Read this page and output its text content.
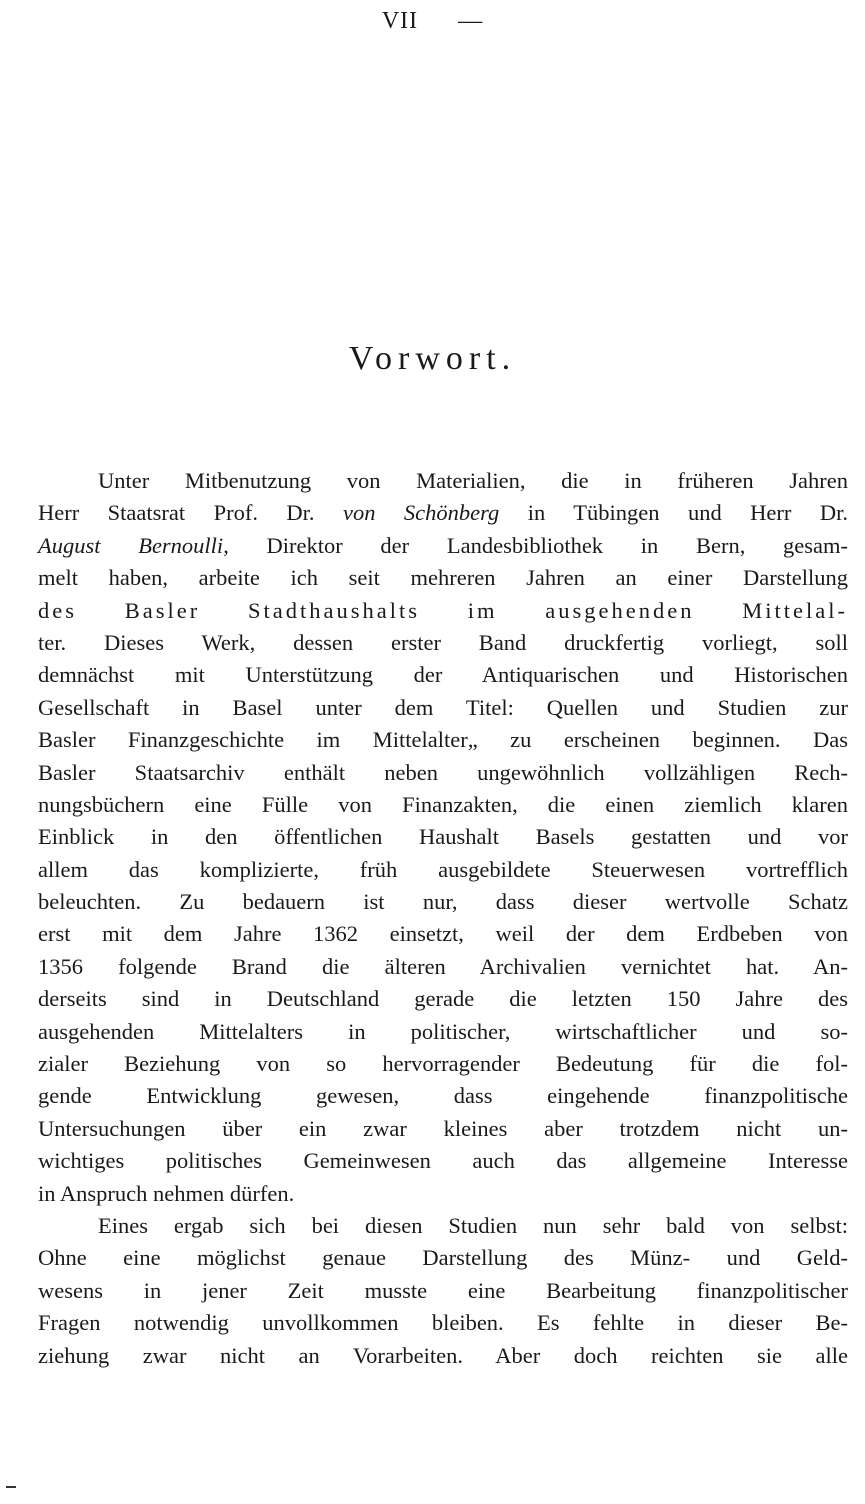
VII —
Vorwort.
Unter Mitbenutzung von Materialien, die in früheren Jahren
Herr Staatsrat Prof. Dr. von Schönberg in Tübingen und Herr Dr.
August Bernoulli, Direktor der Landesbibliothek in Bern, gesam-
melt haben, arbeite ich seit mehreren Jahren an einer Darstellung
des Basler Stadthaushalts im ausgehenden Mittelal-
ter. Dieses Werk, dessen erster Band druckfertig vorliegt, soll
demnächst mit Unterstützung der Antiquarischen und Historischen
Gesellschaft in Basel unter dem Titel: Quellen und Studien zur
Basler Finanzgeschichte im Mittelalter„ zu erscheinen beginnen. Das
Basler Staatsarchiv enthält neben ungewöhnlich vollzähligen Rech-
nungsbüchern eine Fülle von Finanzakten, die einen ziemlich klaren
Einblick in den öffentlichen Haushalt Basels gestatten und vor
allem das komplizierte, früh ausgebildete Steuerwesen vortrefflich
beleuchten. Zu bedauern ist nur, dass dieser wertvolle Schatz
erst mit dem Jahre 1362 einsetzt, weil der dem Erdbeben von
1356 folgende Brand die älteren Archivalien vernichtet hat. An-
derseits sind in Deutschland gerade die letzten 150 Jahre des
ausgehenden Mittelalters in politischer, wirtschaftlicher und so-
zialer Beziehung von so hervorragender Bedeutung für die fol-
gende Entwicklung gewesen, dass eingehende finanzpolitische
Untersuchungen über ein zwar kleines aber trotzdem nicht un-
wichtiges politisches Gemeinwesen auch das allgemeine Interesse
in Anspruch nehmen dürfen.
Eines ergab sich bei diesen Studien nun sehr bald von selbst:
Ohne eine möglichst genaue Darstellung des Münz- und Geld-
wesens in jener Zeit musste eine Bearbeitung finanzpolitischer
Fragen notwendig unvollkommen bleiben. Es fehlte in dieser Be-
ziehung zwar nicht an Vorarbeiten. Aber doch reichten sie alle
